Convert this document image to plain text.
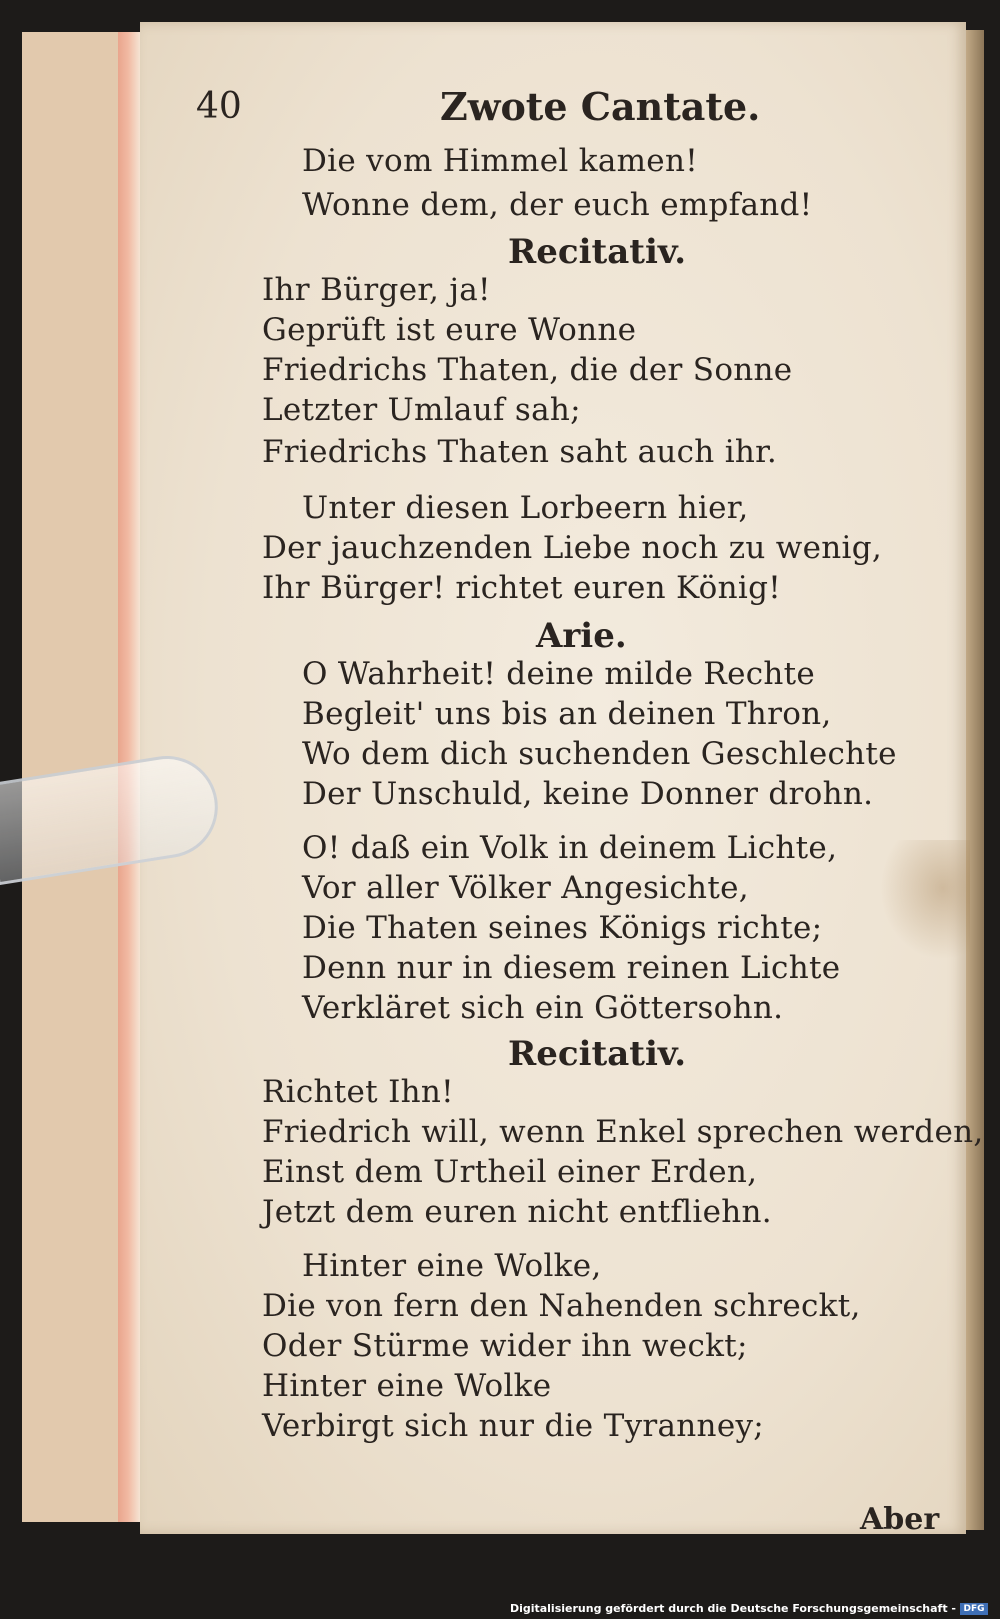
40	Zwote Cantate.
Die vom Himmel kamen!
Wonne dem, der euch empfand!
Recitativ.
Ihr Bürger, ja!
Geprüft ist eure Wonne
Friedrichs Thaten, die der Sonne
Letzter Umlauf sah;
Friedrichs Thaten saht auch ihr.
Unter diesen Lorbeern hier,
Der jauchzenden Liebe noch zu wenig,
Ihr Bürger! richtet euren König!
Arie.
O Wahrheit! deine milde Rechte
Begleit' uns bis an deinen Thron,
Wo dem dich suchenden Geschlechte
Der Unschuld, keine Donner drohn.
O! daß ein Volk in deinem Lichte,
Vor aller Völker Angesichte,
Die Thaten seines Königs richte;
Denn nur in diesem reinen Lichte
Verkläret sich ein Göttersohn.
Recitativ.
Richtet Ihn!
Friedrich will, wenn Enkel sprechen werden,
Einst dem Urtheil einer Erden,
Jetzt dem euren nicht entfliehn.
Hinter eine Wolke,
Die von fern den Nahenden schreckt,
Oder Stürme wider ihn weckt;
Hinter eine Wolke
Verbirgt sich nur die Tyranney;
Aber
Digitalisierung gefördert durch die Deutsche Forschungsgemeinschaft - DFG
